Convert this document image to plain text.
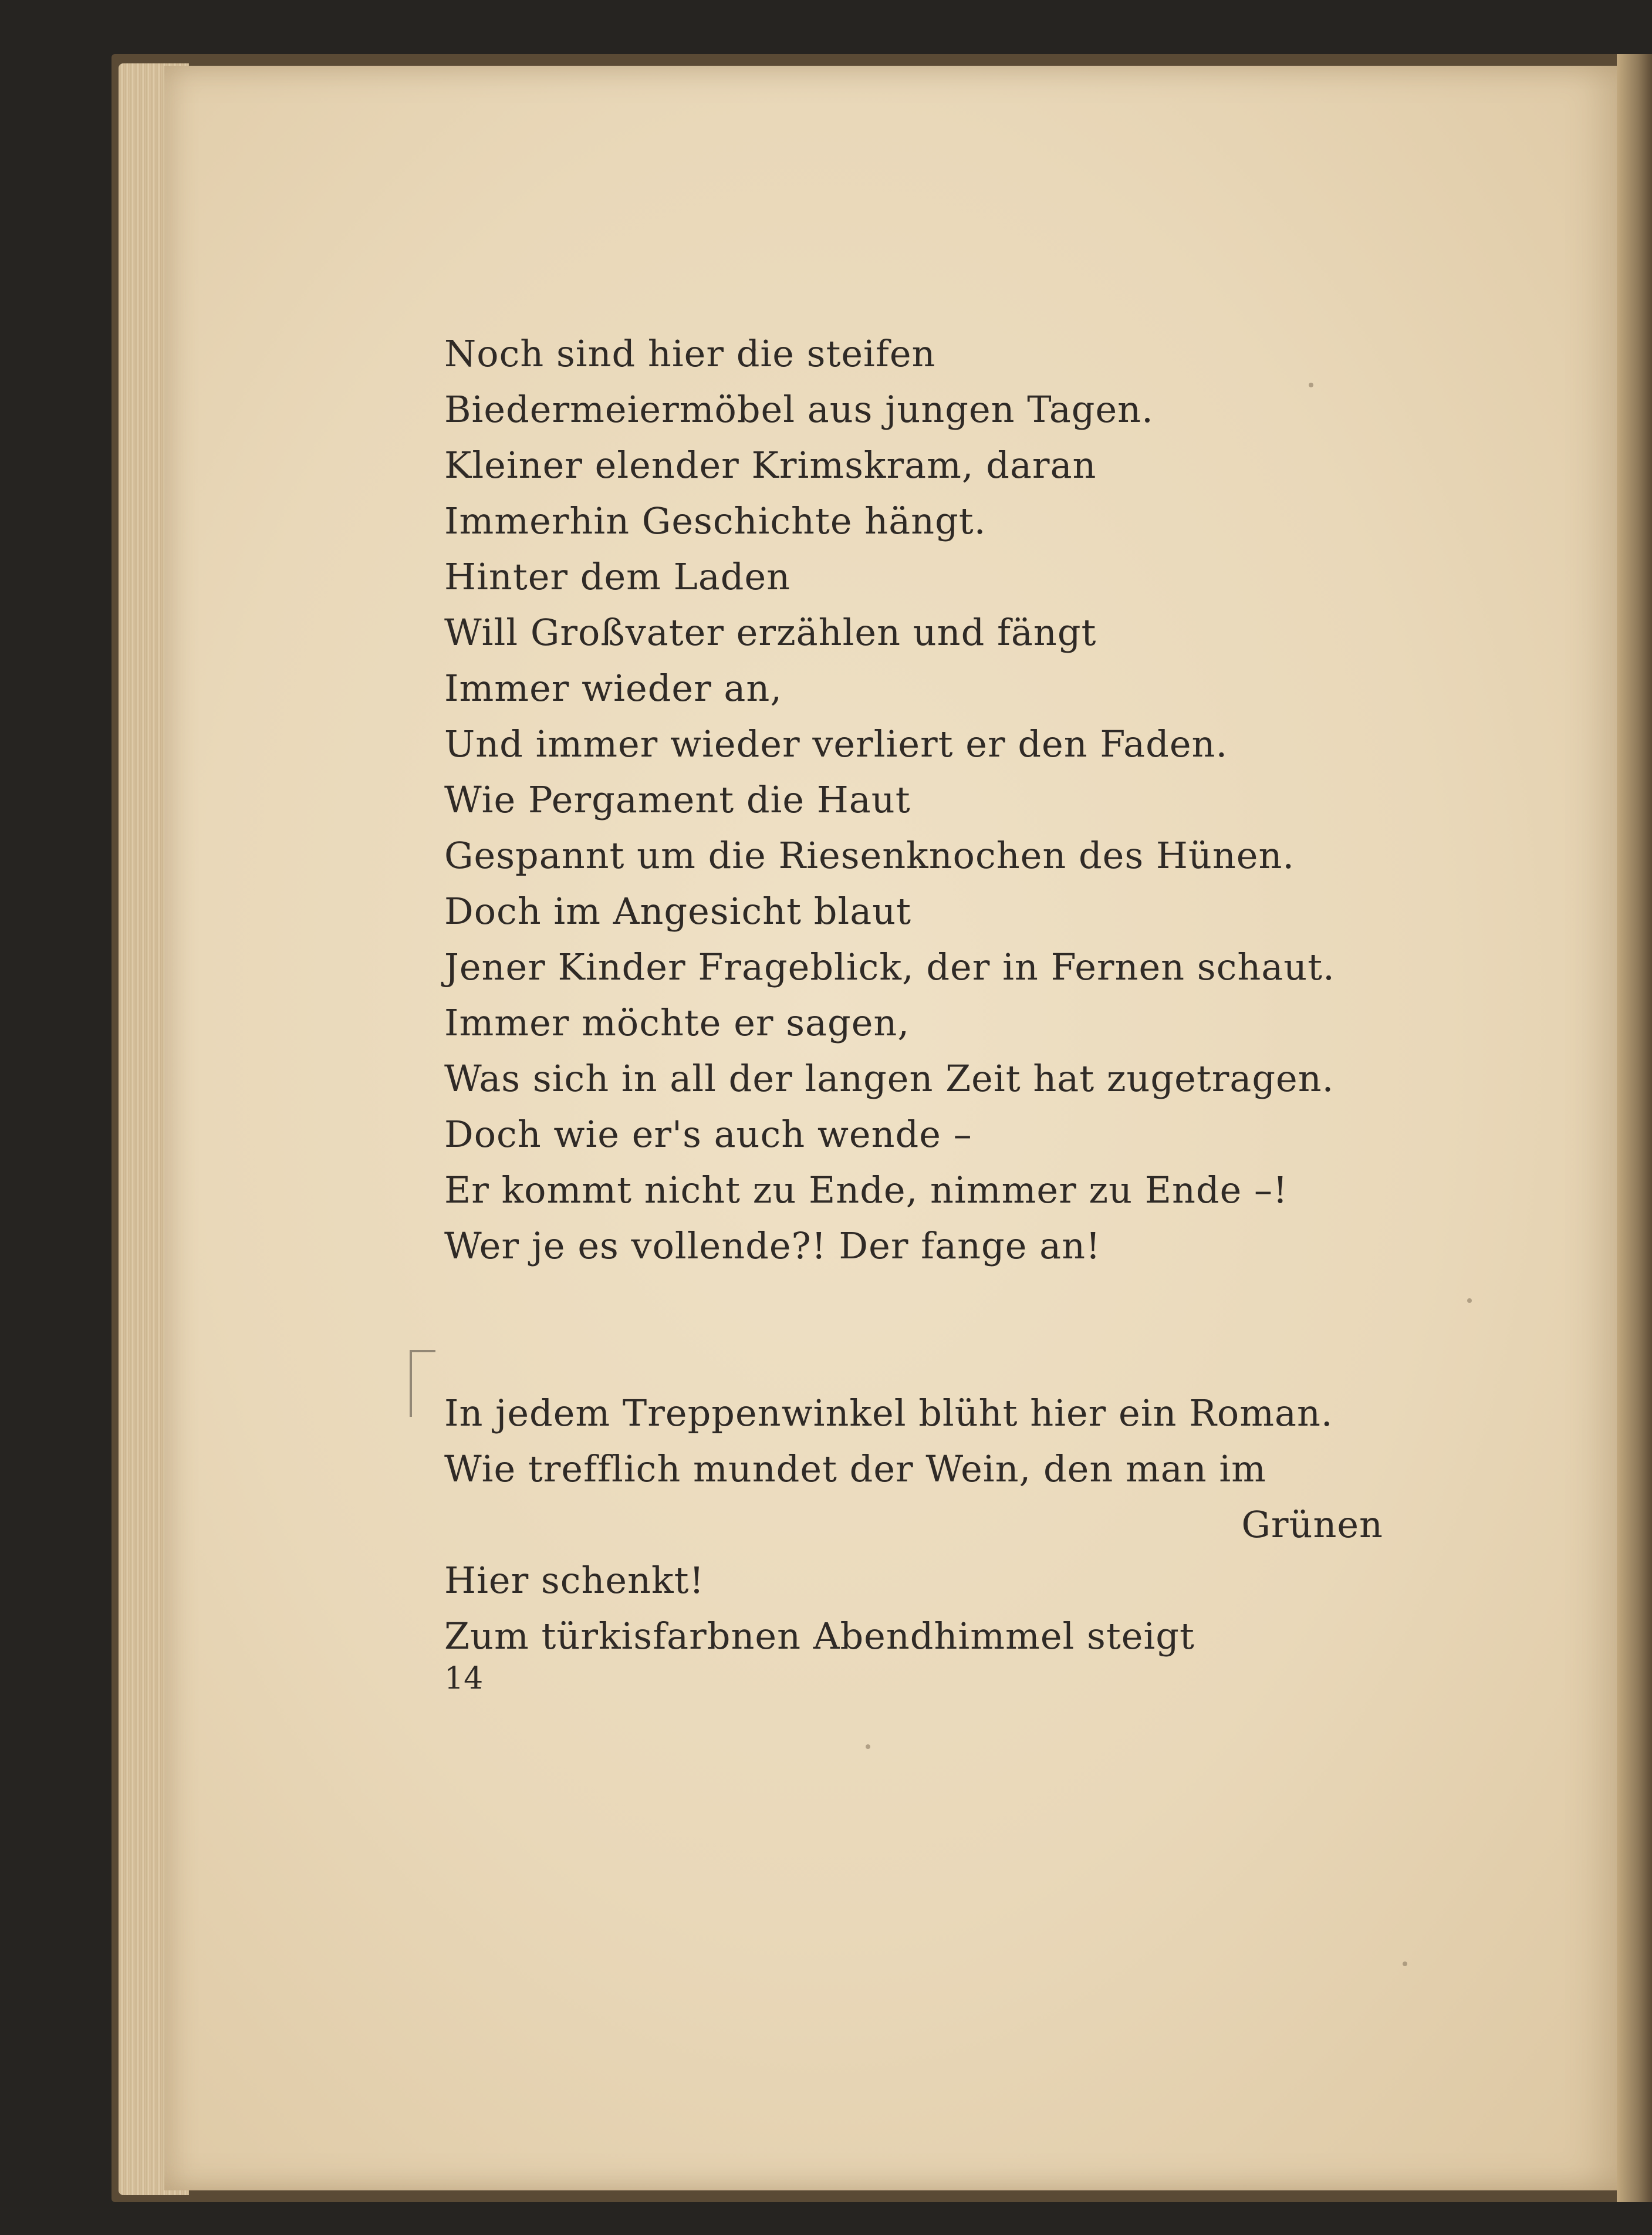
Noch sind hier die steifen
Biedermeiermöbel aus jungen Tagen.
Kleiner elender Krimskram, daran
Immerhin Geschichte hängt.
Hinter dem Laden
Will Großvater erzählen und fängt
Immer wieder an,
Und immer wieder verliert er den Faden.
Wie Pergament die Haut
Gespannt um die Riesenknochen des Hünen.
Doch im Angesicht blaut
Jener Kinder Frageblick, der in Fernen schaut.
Immer möchte er sagen,
Was sich in all der langen Zeit hat zugetragen.
Doch wie er's auch wende –
Er kommt nicht zu Ende, nimmer zu Ende –!
Wer je es vollende?! Der fange an!
In jedem Treppenwinkel blüht hier ein Roman.
Wie trefflich mundet der Wein, den man im
Grünen
Hier schenkt!
Zum türkisfarbnen Abendhimmel steigt
14
